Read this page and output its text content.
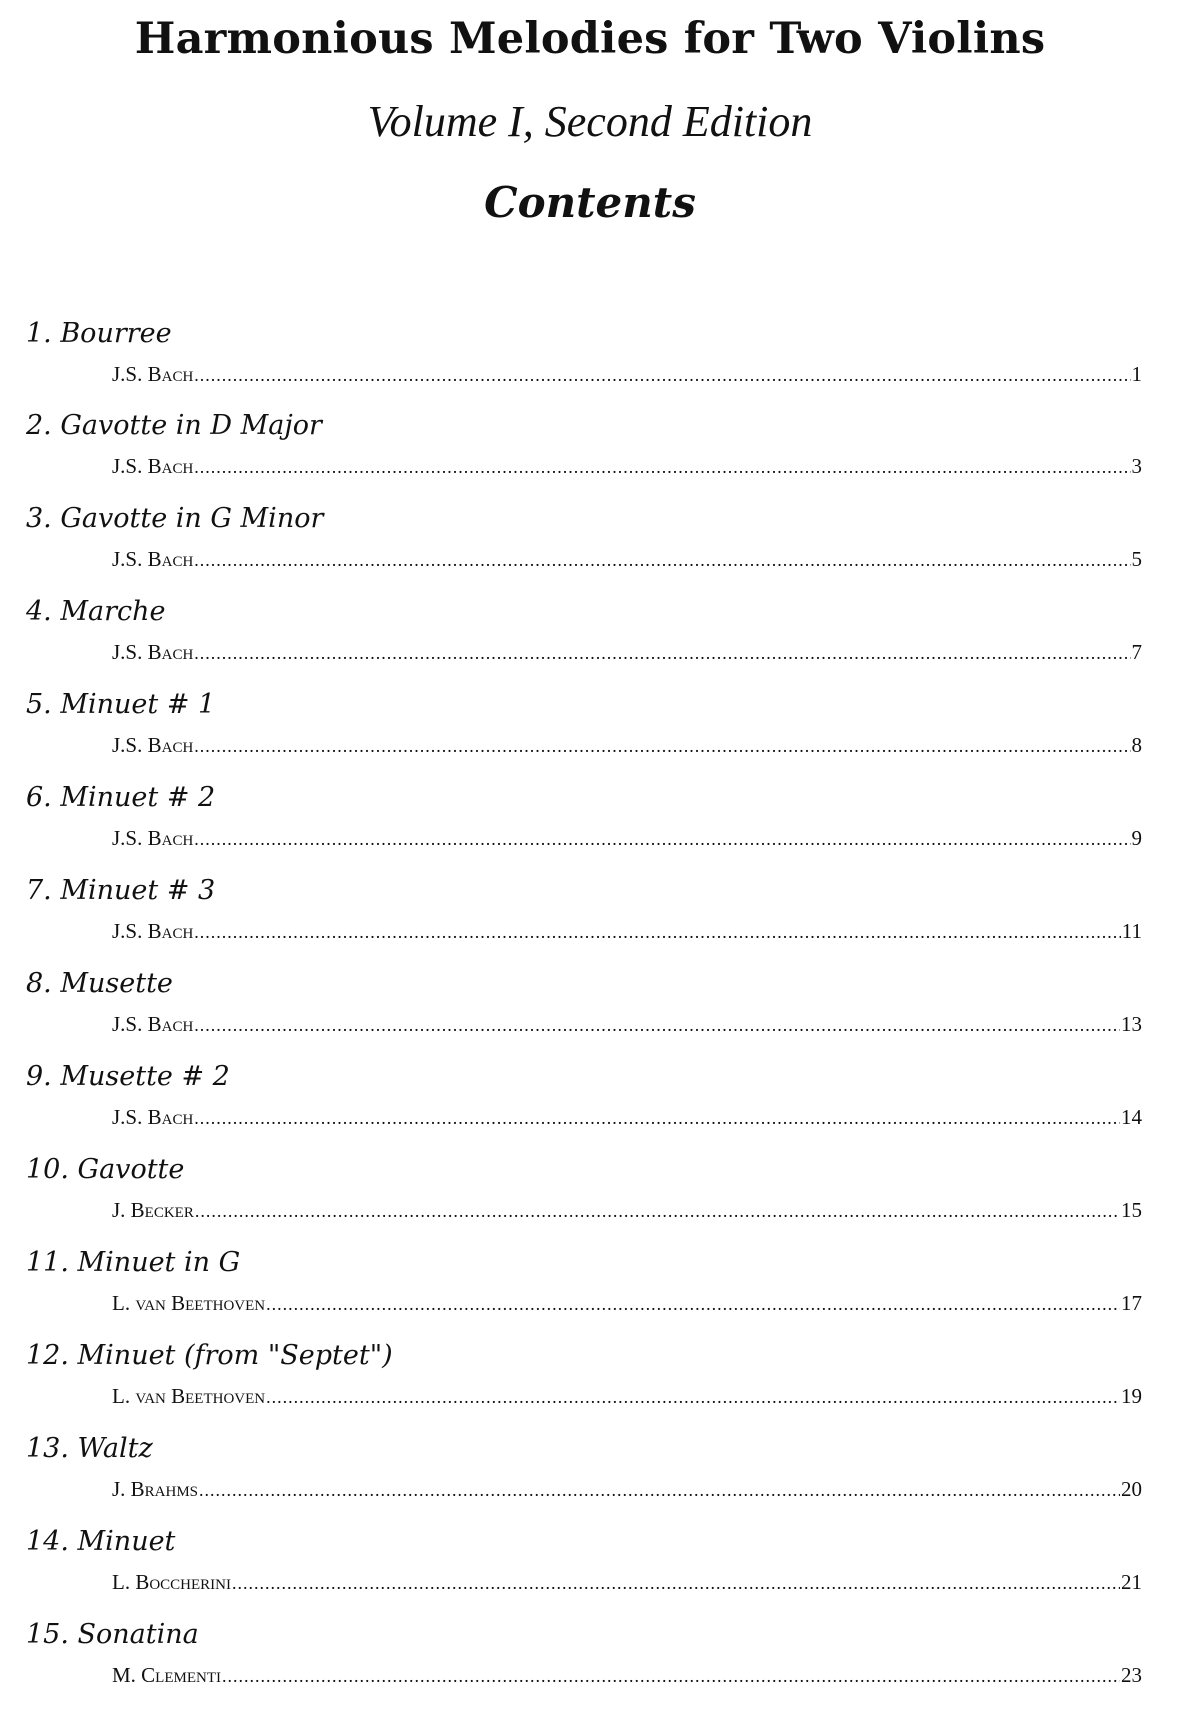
Harmonious Melodies for Two Violins
Volume I, Second Edition
Contents
1. Bourree
J.S. Bach .....	1
2. Gavotte in D Major
J.S. Bach .....	3
3. Gavotte in G Minor
J.S. Bach .....	5
4. Marche
J.S. Bach .....	7
5. Minuet # 1
J.S. Bach .....	8
6. Minuet # 2
J.S. Bach .....	9
7. Minuet # 3
J.S. Bach .....	11
8. Musette
J.S. Bach .....	13
9. Musette # 2
J.S. Bach .....	14
10. Gavotte
J. Becker .....	15
11. Minuet in G
L. van Beethoven .....	17
12. Minuet (from "Septet")
L. van Beethoven .....	19
13. Waltz
J. Brahms .....	20
14. Minuet
L. Boccherini .....	21
15. Sonatina
M. Clementi .....	23
